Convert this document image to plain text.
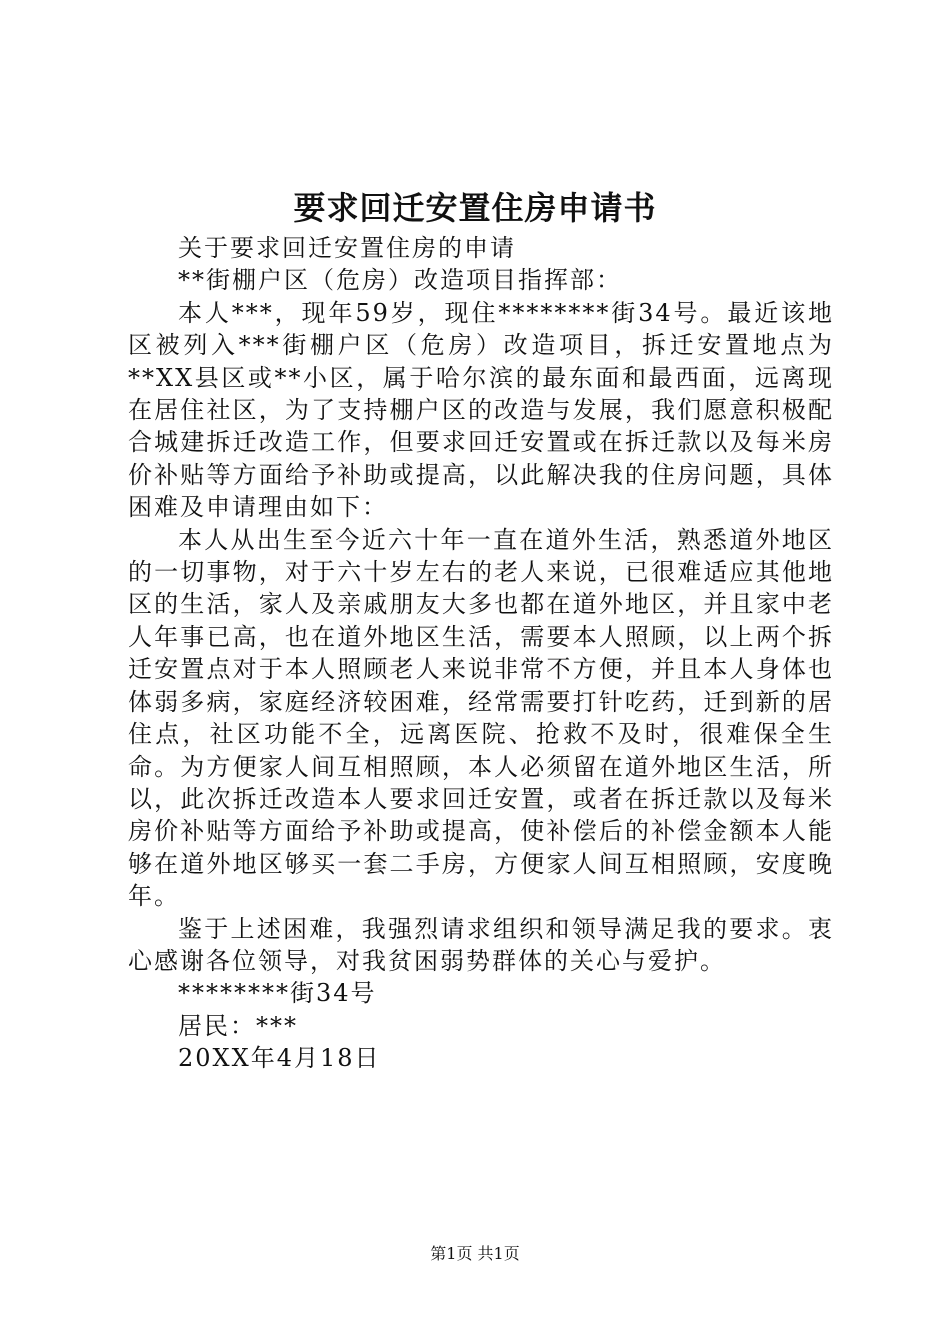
要求回迁安置住房申请书

关于要求回迁安置住房的申请

**街棚户区（危房）改造项目指挥部：

本人***，现年59岁，现住********街34号。最近该地区被列入***街棚户区（危房）改造项目，拆迁安置地点为**XX县区或**小区，属于哈尔滨的最东面和最西面，远离现在居住社区，为了支持棚户区的改造与发展，我们愿意积极配合城建拆迁改造工作，但要求回迁安置或在拆迁款以及每米房价补贴等方面给予补助或提高，以此解决我的住房问题，具体困难及申请理由如下：

本人从出生至今近六十年一直在道外生活，熟悉道外地区的一切事物，对于六十岁左右的老人来说，已很难适应其他地区的生活，家人及亲戚朋友大多也都在道外地区，并且家中老人年事已高，也在道外地区生活，需要本人照顾，以上两个拆迁安置点对于本人照顾老人来说非常不方便，并且本人身体也体弱多病，家庭经济较困难，经常需要打针吃药，迁到新的居住点，社区功能不全，远离医院、抢救不及时，很难保全生命。为方便家人间互相照顾，本人必须留在道外地区生活，所以，此次拆迁改造本人要求回迁安置，或者在拆迁款以及每米房价补贴等方面给予补助或提高，使补偿后的补偿金额本人能够在道外地区够买一套二手房，方便家人间互相照顾，安度晚年。

鉴于上述困难，我强烈请求组织和领导满足我的要求。衷心感谢各位领导，对我贫困弱势群体的关心与爱护。

********街34号

居民：***

20XX年4月18日

第1页 共1页
